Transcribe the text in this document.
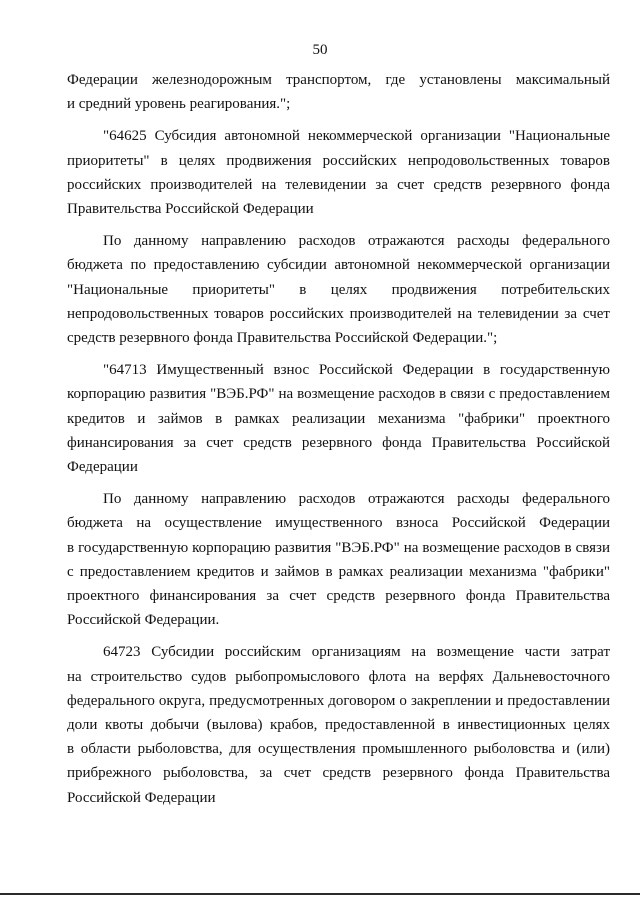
50

Федерации железнодорожным транспортом, где установлены максимальный
и средний уровень реагирования.";

"64625 Субсидия автономной некоммерческой организации "Национальные
приоритеты" в целях продвижения российских непродовольственных товаров
российских производителей на телевидении за счет средств резервного фонда
Правительства Российской Федерации

По данному направлению расходов отражаются расходы федерального
бюджета по предоставлению субсидии автономной некоммерческой организации
"Национальные приоритеты" в целях продвижения потребительских
непродовольственных товаров российских производителей на телевидении за счет
средств резервного фонда Правительства Российской Федерации.";

"64713 Имущественный взнос Российской Федерации в государственную
корпорацию развития "ВЭБ.РФ" на возмещение расходов в связи с предоставлением
кредитов и займов в рамках реализации механизма "фабрики" проектного
финансирования за счет средств резервного фонда Правительства Российской
Федерации

По данному направлению расходов отражаются расходы федерального
бюджета на осуществление имущественного взноса Российской Федерации
в государственную корпорацию развития "ВЭБ.РФ" на возмещение расходов в связи
с предоставлением кредитов и займов в рамках реализации механизма "фабрики"
проектного финансирования за счет средств резервного фонда Правительства
Российской Федерации.

64723 Субсидии российским организациям на возмещение части затрат
на строительство судов рыбопромыслового флота на верфях Дальневосточного
федерального округа, предусмотренных договором о закреплении и предоставлении
доли квоты добычи (вылова) крабов, предоставленной в инвестиционных целях
в области рыболовства, для осуществления промышленного рыболовства и (или)
прибрежного рыболовства, за счет средств резервного фонда Правительства
Российской Федерации
